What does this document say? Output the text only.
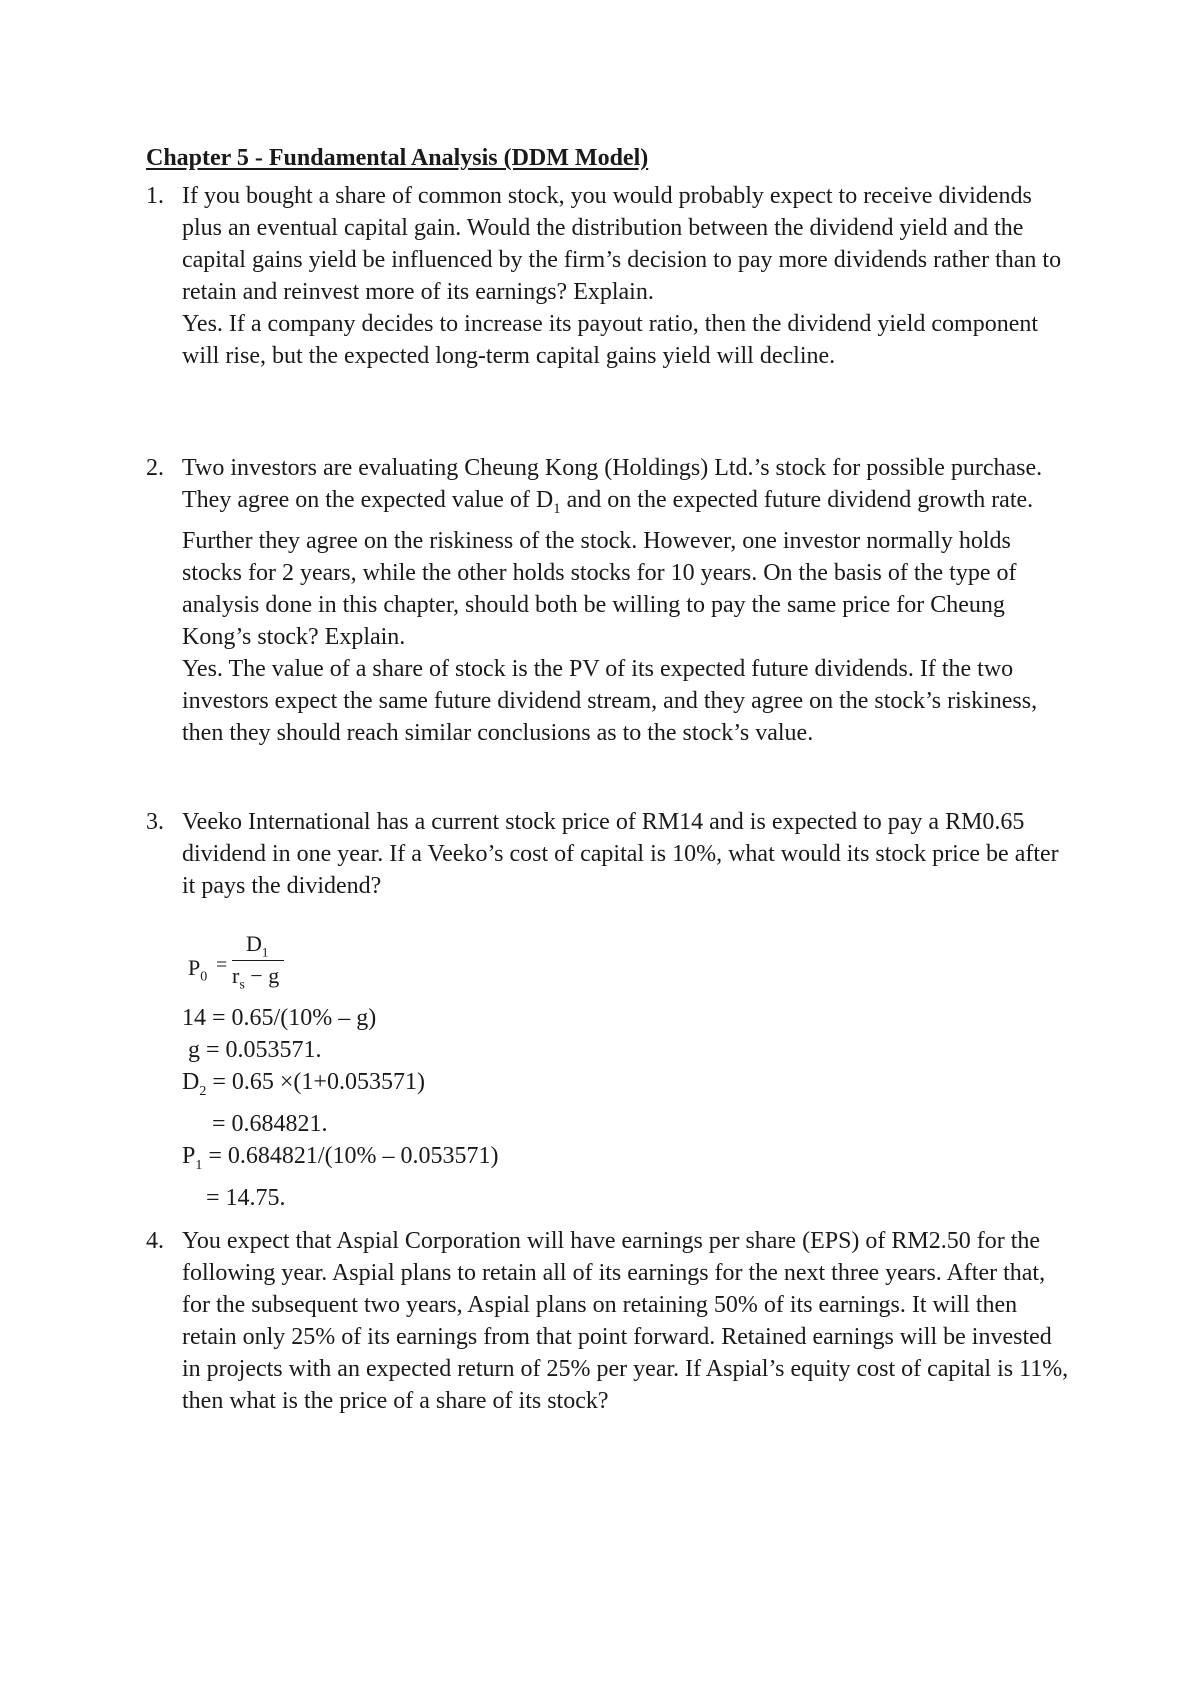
Chapter 5 - Fundamental Analysis (DDM Model)
1. If you bought a share of common stock, you would probably expect to receive dividends plus an eventual capital gain. Would the distribution between the dividend yield and the capital gains yield be influenced by the firm’s decision to pay more dividends rather than to retain and reinvest more of its earnings? Explain.

Yes. If a company decides to increase its payout ratio, then the dividend yield component will rise, but the expected long-term capital gains yield will decline.

2. Two investors are evaluating Cheung Kong (Holdings) Ltd.’s stock for possible purchase. They agree on the expected value of $D_1$ and on the expected future dividend growth rate. Further they agree on the riskiness of the stock. However, one investor normally holds stocks for 2 years, while the other holds stocks for 10 years. On the basis of the type of analysis done in this chapter, should both be willing to pay the same price for Cheung Kong’s stock? Explain.

Yes. The value of a share of stock is the PV of its expected future dividends. If the two investors expect the same future dividend stream, and they agree on the stock’s riskiness, then they should reach similar conclusions as to the stock’s value.

3. Veeko International has a current stock price of RM14 and is expected to pay a RM0.65 dividend in one year. If a Veeko’s cost of capital is 10%, what would its stock price be after it pays the dividend?

$P_0$
=
$D_1$
$r_s - g$
14 = 0.65/(10% – g)
g = 0.053571.
$D_2 = 0.65 \times(1+0.053571)$
= 0.684821.
$P_1 = 0.684821/(10\% - 0.053571)$
= 14.75.
4. You expect that Aspial Corporation will have earnings per share (EPS) of RM2.50 for the following year. Aspial plans to retain all of its earnings for the next three years. After that, for the subsequent two years, Aspial plans on retaining 50% of its earnings. It will then retain only 25% of its earnings from that point forward. Retained earnings will be invested in projects with an expected return of 25% per year. If Aspial’s equity cost of capital is 11%, then what is the price of a share of its stock?
